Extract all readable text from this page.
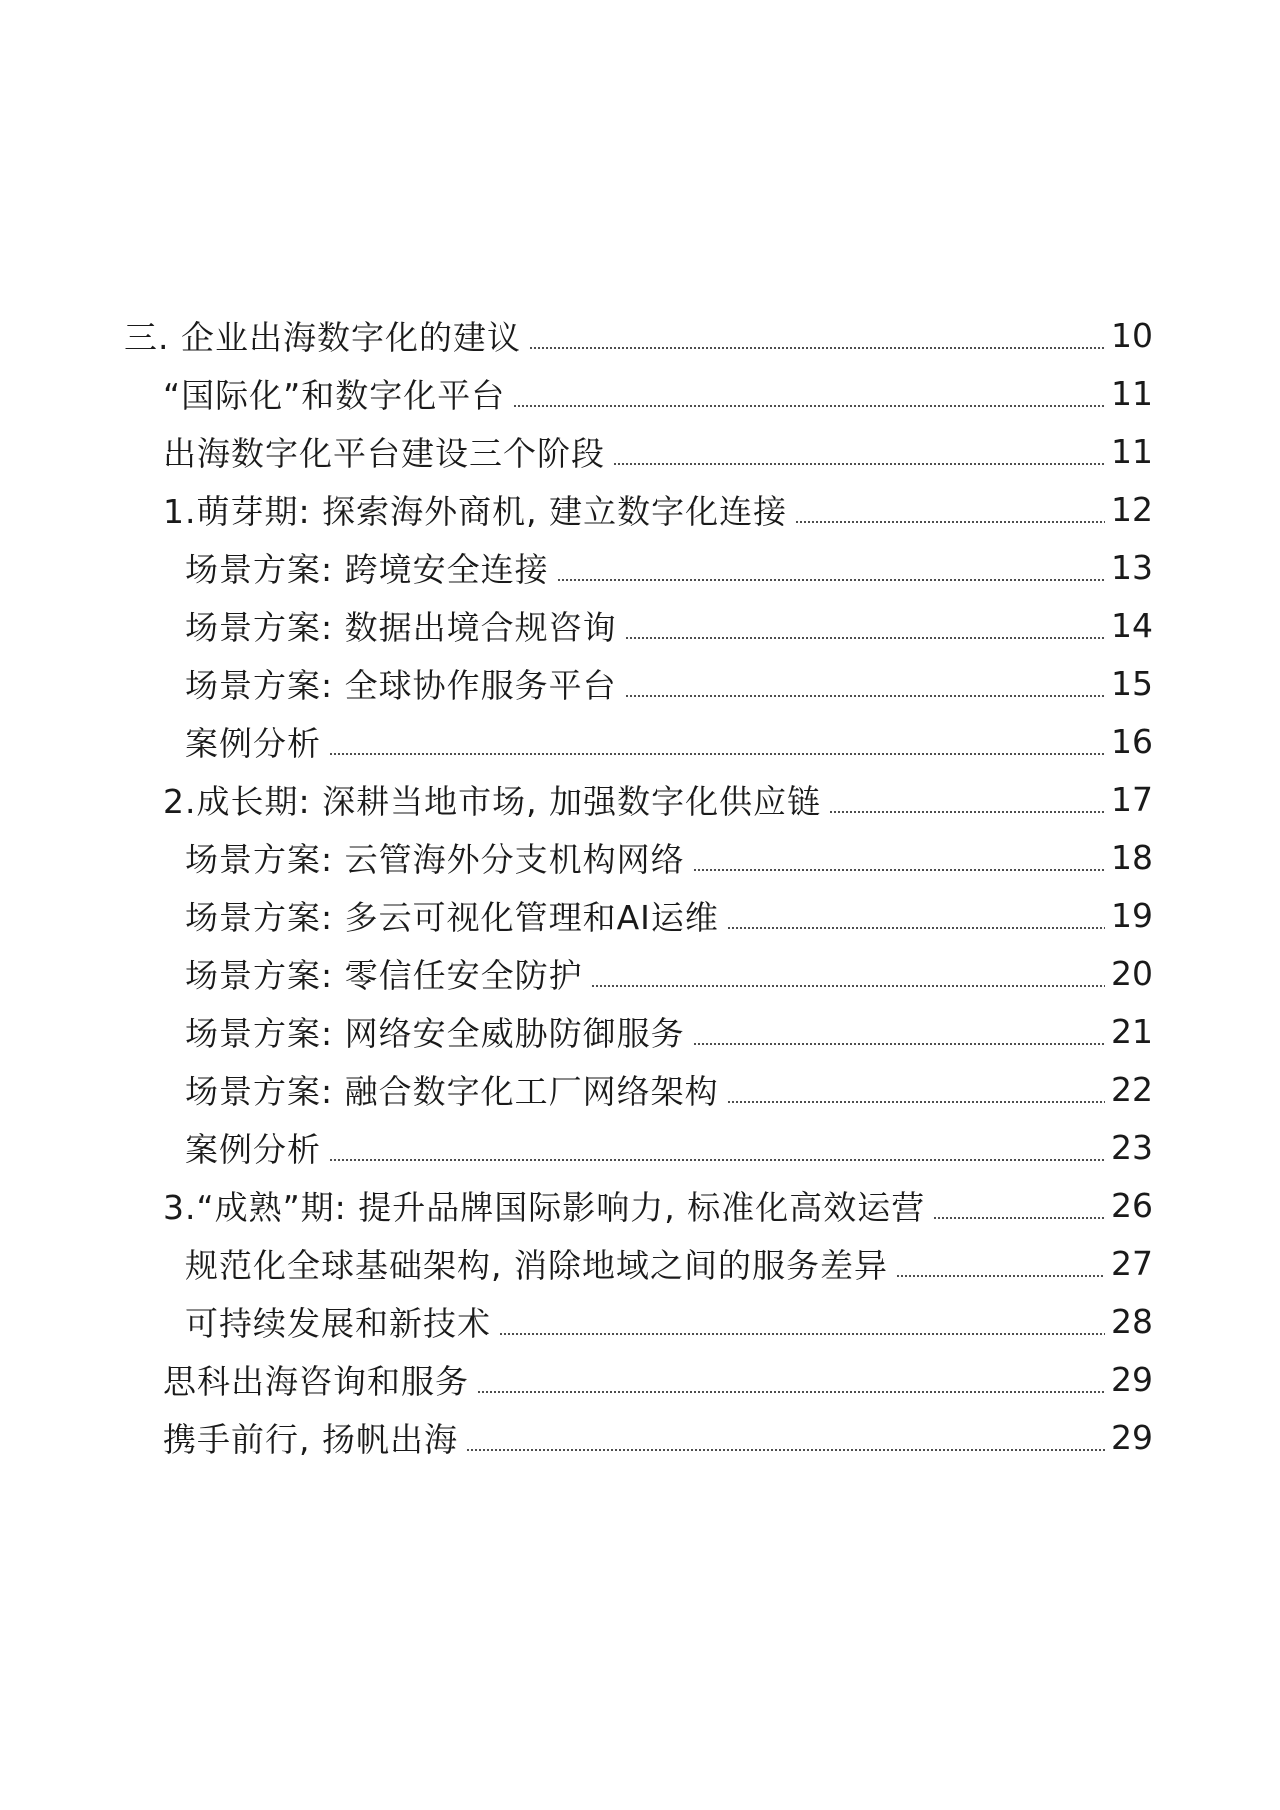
三. 企业出海数字化的建议	10
“国际化”和数字化平台	11
出海数字化平台建设三个阶段	11
1.萌芽期: 探索海外商机, 建立数字化连接	12
场景方案: 跨境安全连接	13
场景方案: 数据出境合规咨询	14
场景方案: 全球协作服务平台	15
案例分析	16
2.成长期: 深耕当地市场, 加强数字化供应链	17
场景方案: 云管海外分支机构网络	18
场景方案: 多云可视化管理和AI运维	19
场景方案: 零信任安全防护	20
场景方案: 网络安全威胁防御服务	21
场景方案: 融合数字化工厂网络架构	22
案例分析	23
3.“成熟”期: 提升品牌国际影响力, 标准化高效运营	26
规范化全球基础架构, 消除地域之间的服务差异	27
可持续发展和新技术	28
思科出海咨询和服务	29
携手前行, 扬帆出海	29
